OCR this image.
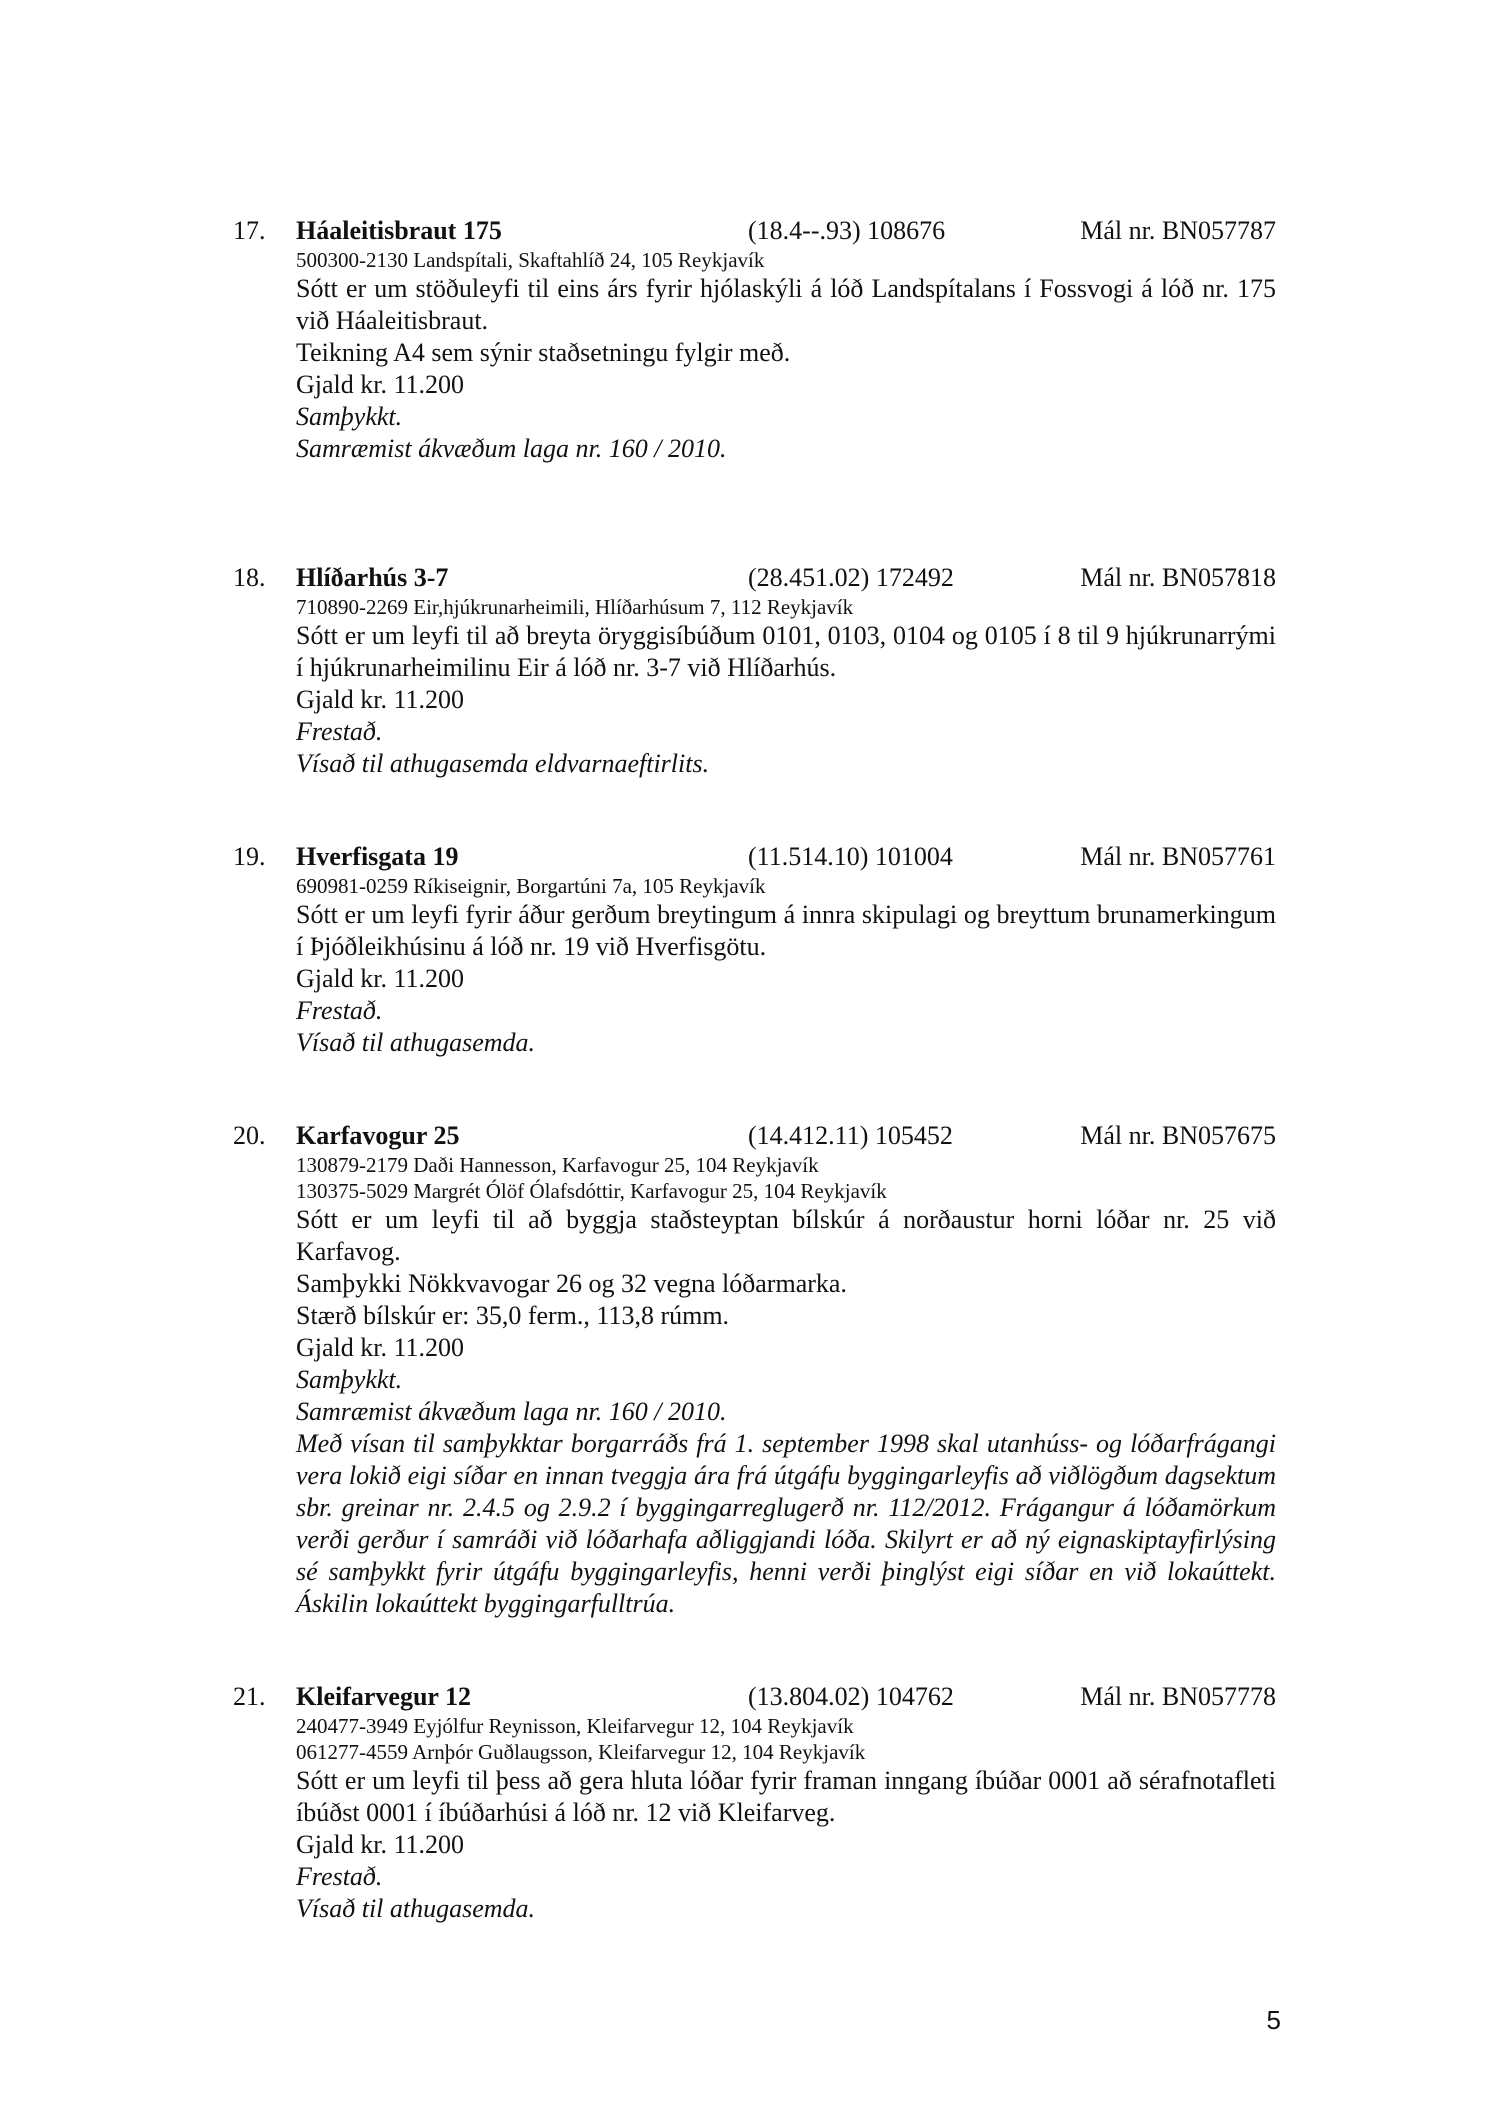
17. Háaleitisbraut 175	(18.4--.93) 108676	Mál nr. BN057787
500300-2130 Landspítali, Skaftahlíð 24, 105 Reykjavík
Sótt er um stöðuleyfi til eins árs fyrir hjólaskýli á lóð Landspítalans í Fossvogi á lóð nr. 175 við Háaleitisbraut.
Teikning A4 sem sýnir staðsetningu fylgir með.
Gjald kr. 11.200
Samþykkt.
Samræmist ákvæðum laga nr. 160 / 2010.
18. Hlíðarhús 3-7	(28.451.02) 172492	Mál nr. BN057818
710890-2269 Eir,hjúkrunarheimili, Hlíðarhúsum 7, 112 Reykjavík
Sótt er um leyfi til að breyta öryggisíbúðum 0101, 0103, 0104 og 0105 í 8 til 9 hjúkrunarrými í hjúkrunarheimilinu Eir á lóð nr. 3-7 við Hlíðarhús.
Gjald kr. 11.200
Frestað.
Vísað til athugasemda eldvarnaeftirlits.
19. Hverfisgata 19	(11.514.10) 101004	Mál nr. BN057761
690981-0259 Ríkiseignir, Borgartúni 7a, 105 Reykjavík
Sótt er um leyfi fyrir áður gerðum breytingum á innra skipulagi og breyttum brunamerkingum í Þjóðleikhúsinu á lóð nr. 19 við Hverfisgötu.
Gjald kr. 11.200
Frestað.
Vísað til athugasemda.
20. Karfavogur 25	(14.412.11) 105452	Mál nr. BN057675
130879-2179 Daði Hannesson, Karfavogur 25, 104 Reykjavík
130375-5029 Margrét Ólöf Ólafsdóttir, Karfavogur 25, 104 Reykjavík
Sótt er um leyfi til að byggja staðsteyptan bílskúr á norðaustur horni lóðar nr. 25 við Karfavog.
Samþykki Nökkvavogar 26 og 32 vegna lóðarmarka.
Stærð bílskúr er: 35,0 ferm., 113,8 rúmm.
Gjald kr. 11.200
Samþykkt.
Samræmist ákvæðum laga nr. 160 / 2010.
Með vísan til samþykktar borgarráðs frá 1. september 1998 skal utanhúss- og lóðarfrágangi vera lokið eigi síðar en innan tveggja ára frá útgáfu byggingarleyfis að viðlögðum dagsektum sbr. greinar nr. 2.4.5 og 2.9.2 í byggingarreglugerð nr. 112/2012. Frágangur á lóðamörkum verði gerður í samráði við lóðarhafa aðliggjandi lóða. Skilyrt er að ný eignaskiptayfirlýsing sé samþykkt fyrir útgáfu byggingarleyfis, henni verði þinglýst eigi síðar en við lokaúttekt. Áskilin lokaúttekt byggingarfulltrúa.
21. Kleifarvegur 12	(13.804.02) 104762	Mál nr. BN057778
240477-3949 Eyjólfur Reynisson, Kleifarvegur 12, 104 Reykjavík
061277-4559 Arnþór Guðlaugsson, Kleifarvegur 12, 104 Reykjavík
Sótt er um leyfi til þess að gera hluta lóðar fyrir framan inngang íbúðar 0001 að sérafnotafleti íbúðst 0001 í íbúðarhúsi á lóð nr. 12 við Kleifarveg.
Gjald kr. 11.200
Frestað.
Vísað til athugasemda.
5
